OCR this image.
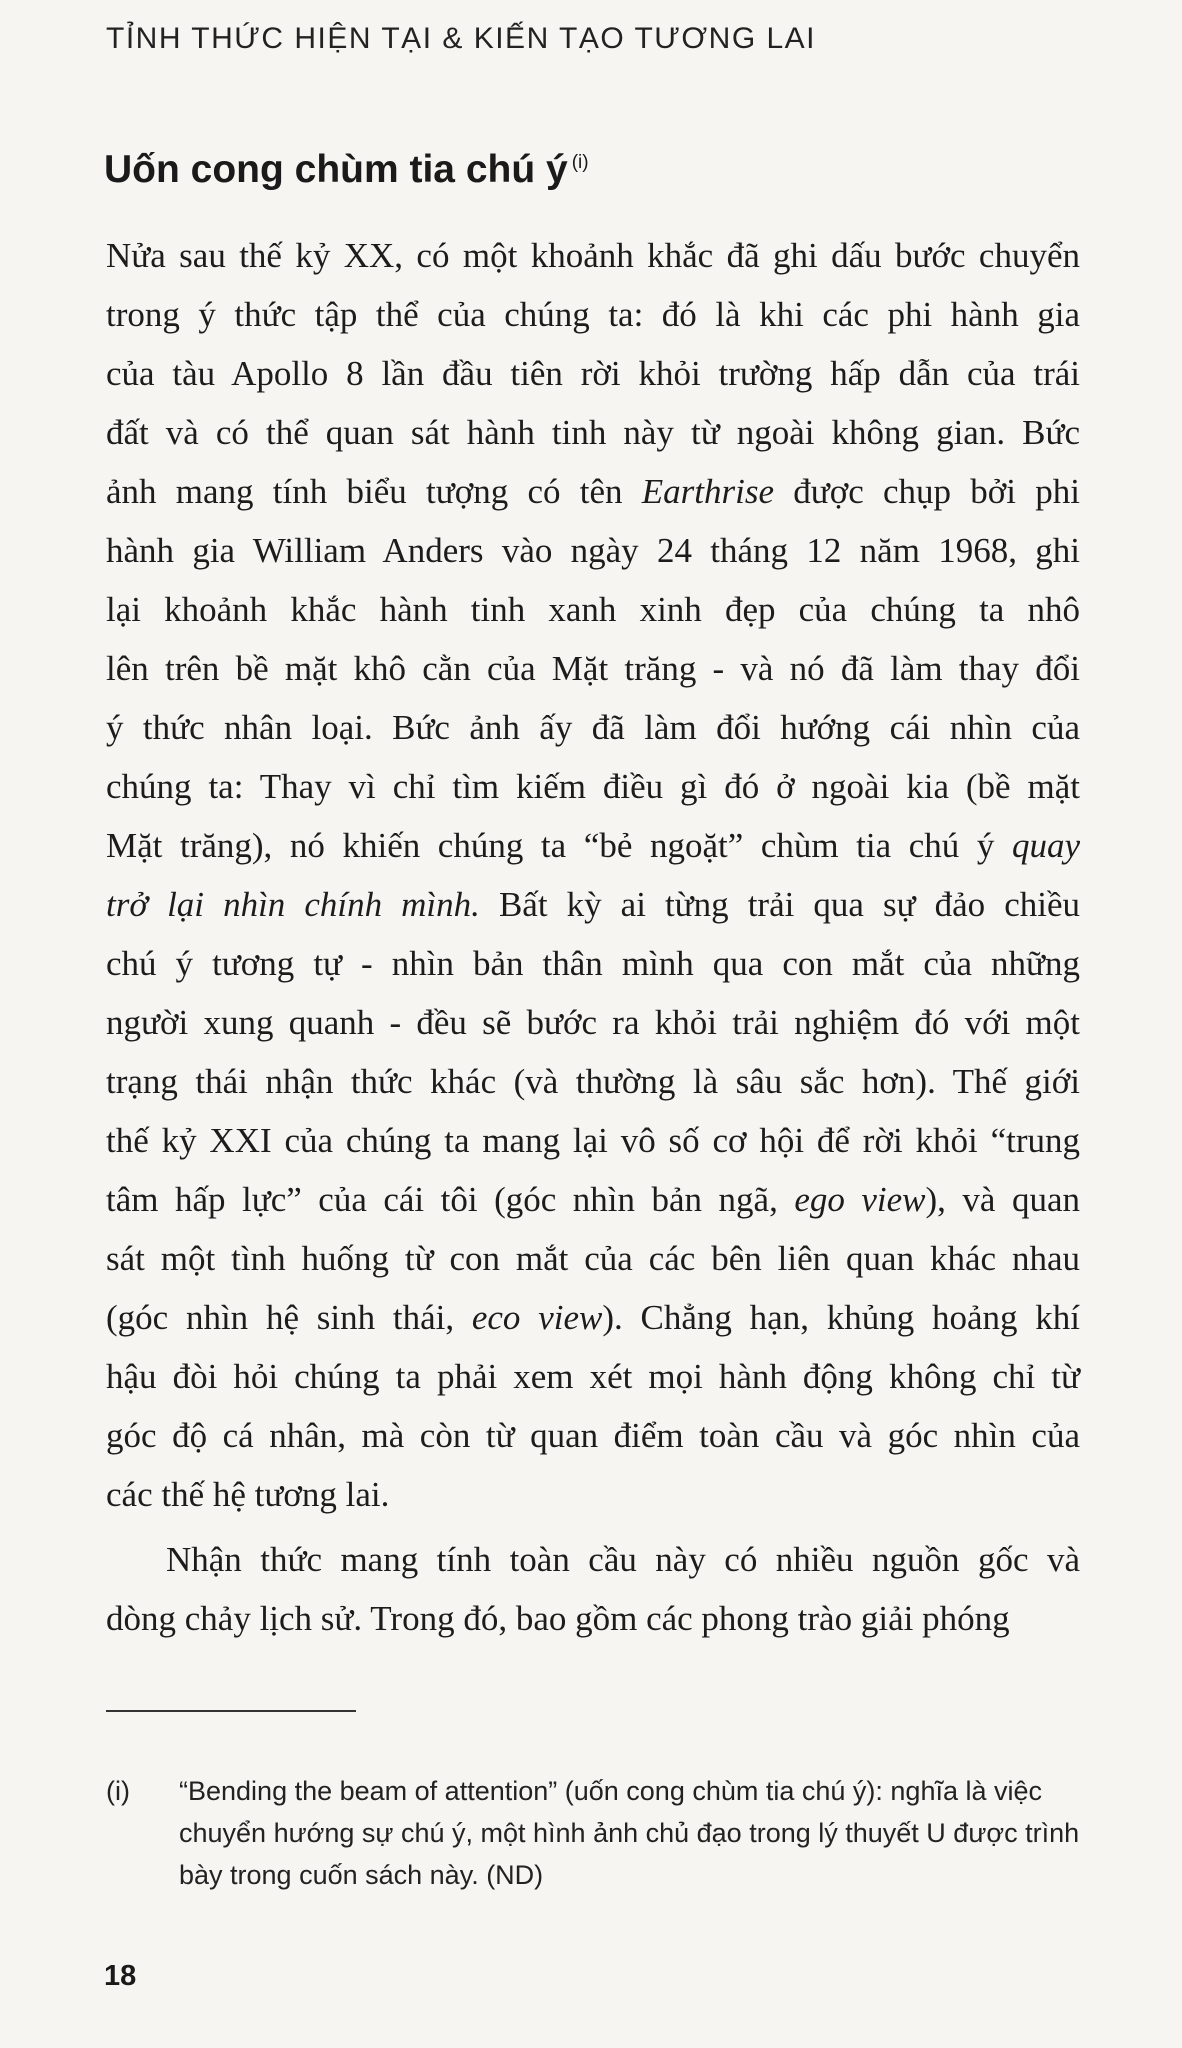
TỈNH THỨC HIỆN TẠI & KIẾN TẠO TƯƠNG LAI
Uốn cong chùm tia chú ý $^{(i)}$
Nửa sau thế kỷ XX, có một khoảnh khắc đã ghi dấu bước chuyển
trong ý thức tập thể của chúng ta: đó là khi các phi hành gia
của tàu Apollo 8 lần đầu tiên rời khỏi trường hấp dẫn của trái
đất và có thể quan sát hành tinh này từ ngoài không gian. Bức
ảnh mang tính biểu tượng có tên Earthrise được chụp bởi phi
hành gia William Anders vào ngày 24 tháng 12 năm 1968, ghi
lại khoảnh khắc hành tinh xanh xinh đẹp của chúng ta nhô
lên trên bề mặt khô cằn của Mặt trăng - và nó đã làm thay đổi
ý thức nhân loại. Bức ảnh ấy đã làm đổi hướng cái nhìn của
chúng ta: Thay vì chỉ tìm kiếm điều gì đó ở ngoài kia (bề mặt
Mặt trăng), nó khiến chúng ta “bẻ ngoặt” chùm tia chú ý quay
trở lại nhìn chính mình. Bất kỳ ai từng trải qua sự đảo chiều
chú ý tương tự - nhìn bản thân mình qua con mắt của những
người xung quanh - đều sẽ bước ra khỏi trải nghiệm đó với một
trạng thái nhận thức khác (và thường là sâu sắc hơn). Thế giới
thế kỷ XXI của chúng ta mang lại vô số cơ hội để rời khỏi “trung
tâm hấp lực” của cái tôi (góc nhìn bản ngã, ego view), và quan
sát một tình huống từ con mắt của các bên liên quan khác nhau
(góc nhìn hệ sinh thái, eco view). Chẳng hạn, khủng hoảng khí
hậu đòi hỏi chúng ta phải xem xét mọi hành động không chỉ từ
góc độ cá nhân, mà còn từ quan điểm toàn cầu và góc nhìn của
các thế hệ tương lai.
Nhận thức mang tính toàn cầu này có nhiều nguồn gốc và
dòng chảy lịch sử. Trong đó, bao gồm các phong trào giải phóng
(i) “Bending the beam of attention” (uốn cong chùm tia chú ý): nghĩa là việc
chuyển hướng sự chú ý, một hình ảnh chủ đạo trong lý thuyết U được trình
bày trong cuốn sách này. (ND)
18
